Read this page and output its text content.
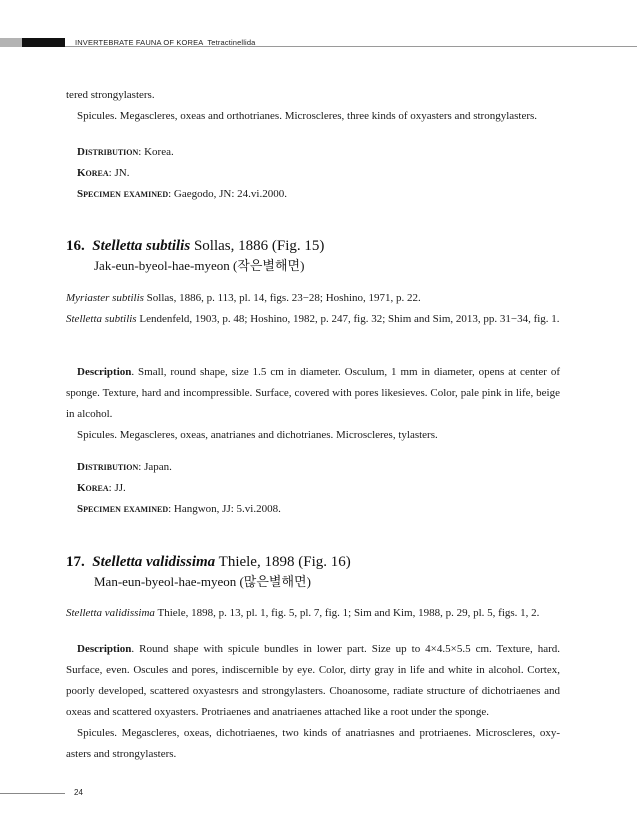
INVERTEBRATE FAUNA OF KOREA Tetractinellida
tered strongylasters.
Spicules. Megascleres, oxeas and orthotrianes. Microscleres, three kinds of oxyasters and strongylasters.
Distribution: Korea.
Korea: JN.
Specimen examined: Gaegodo, JN: 24.vi.2000.
16. Stelletta subtilis Sollas, 1886 (Fig. 15)
Jak-eun-byeol-hae-myeon (작은별해면)
Myriaster subtilis Sollas, 1886, p. 113, pl. 14, figs. 23−28; Hoshino, 1971, p. 22.
Stelletta subtilis Lendenfeld, 1903, p. 48; Hoshino, 1982, p. 247, fig. 32; Shim and Sim, 2013, pp. 31−34, fig. 1.
Description. Small, round shape, size 1.5 cm in diameter. Osculum, 1 mm in diameter, opens at center of sponge. Texture, hard and incompressible. Surface, covered with pores likesieves. Color, pale pink in life, beige in alcohol.
Spicules. Megascleres, oxeas, anatrianes and dichotrianes. Microscleres, tylasters.
Distribution: Japan.
Korea: JJ.
Specimen examined: Hangwon, JJ: 5.vi.2008.
17. Stelletta validissima Thiele, 1898 (Fig. 16)
Man-eun-byeol-hae-myeon (많은별해면)
Stelletta validissima Thiele, 1898, p. 13, pl. 1, fig. 5, pl. 7, fig. 1; Sim and Kim, 1988, p. 29, pl. 5, figs. 1, 2.
Description. Round shape with spicule bundles in lower part. Size up to 4×4.5×5.5 cm. Texture, hard. Surface, even. Oscules and pores, indiscernible by eye. Color, dirty gray in life and white in alcohol. Cortex, poorly developed, scattered oxyastesrs and strongylasters. Choanosome, radiate structure of dichotriaenes and oxeas and scattered oxyasters. Protriaenes and anatriaenes attached like a root under the sponge.
Spicules. Megascleres, oxeas, dichotriaenes, two kinds of anatriasnes and protriaenes. Microscleres, oxy-asters and strongylasters.
24
